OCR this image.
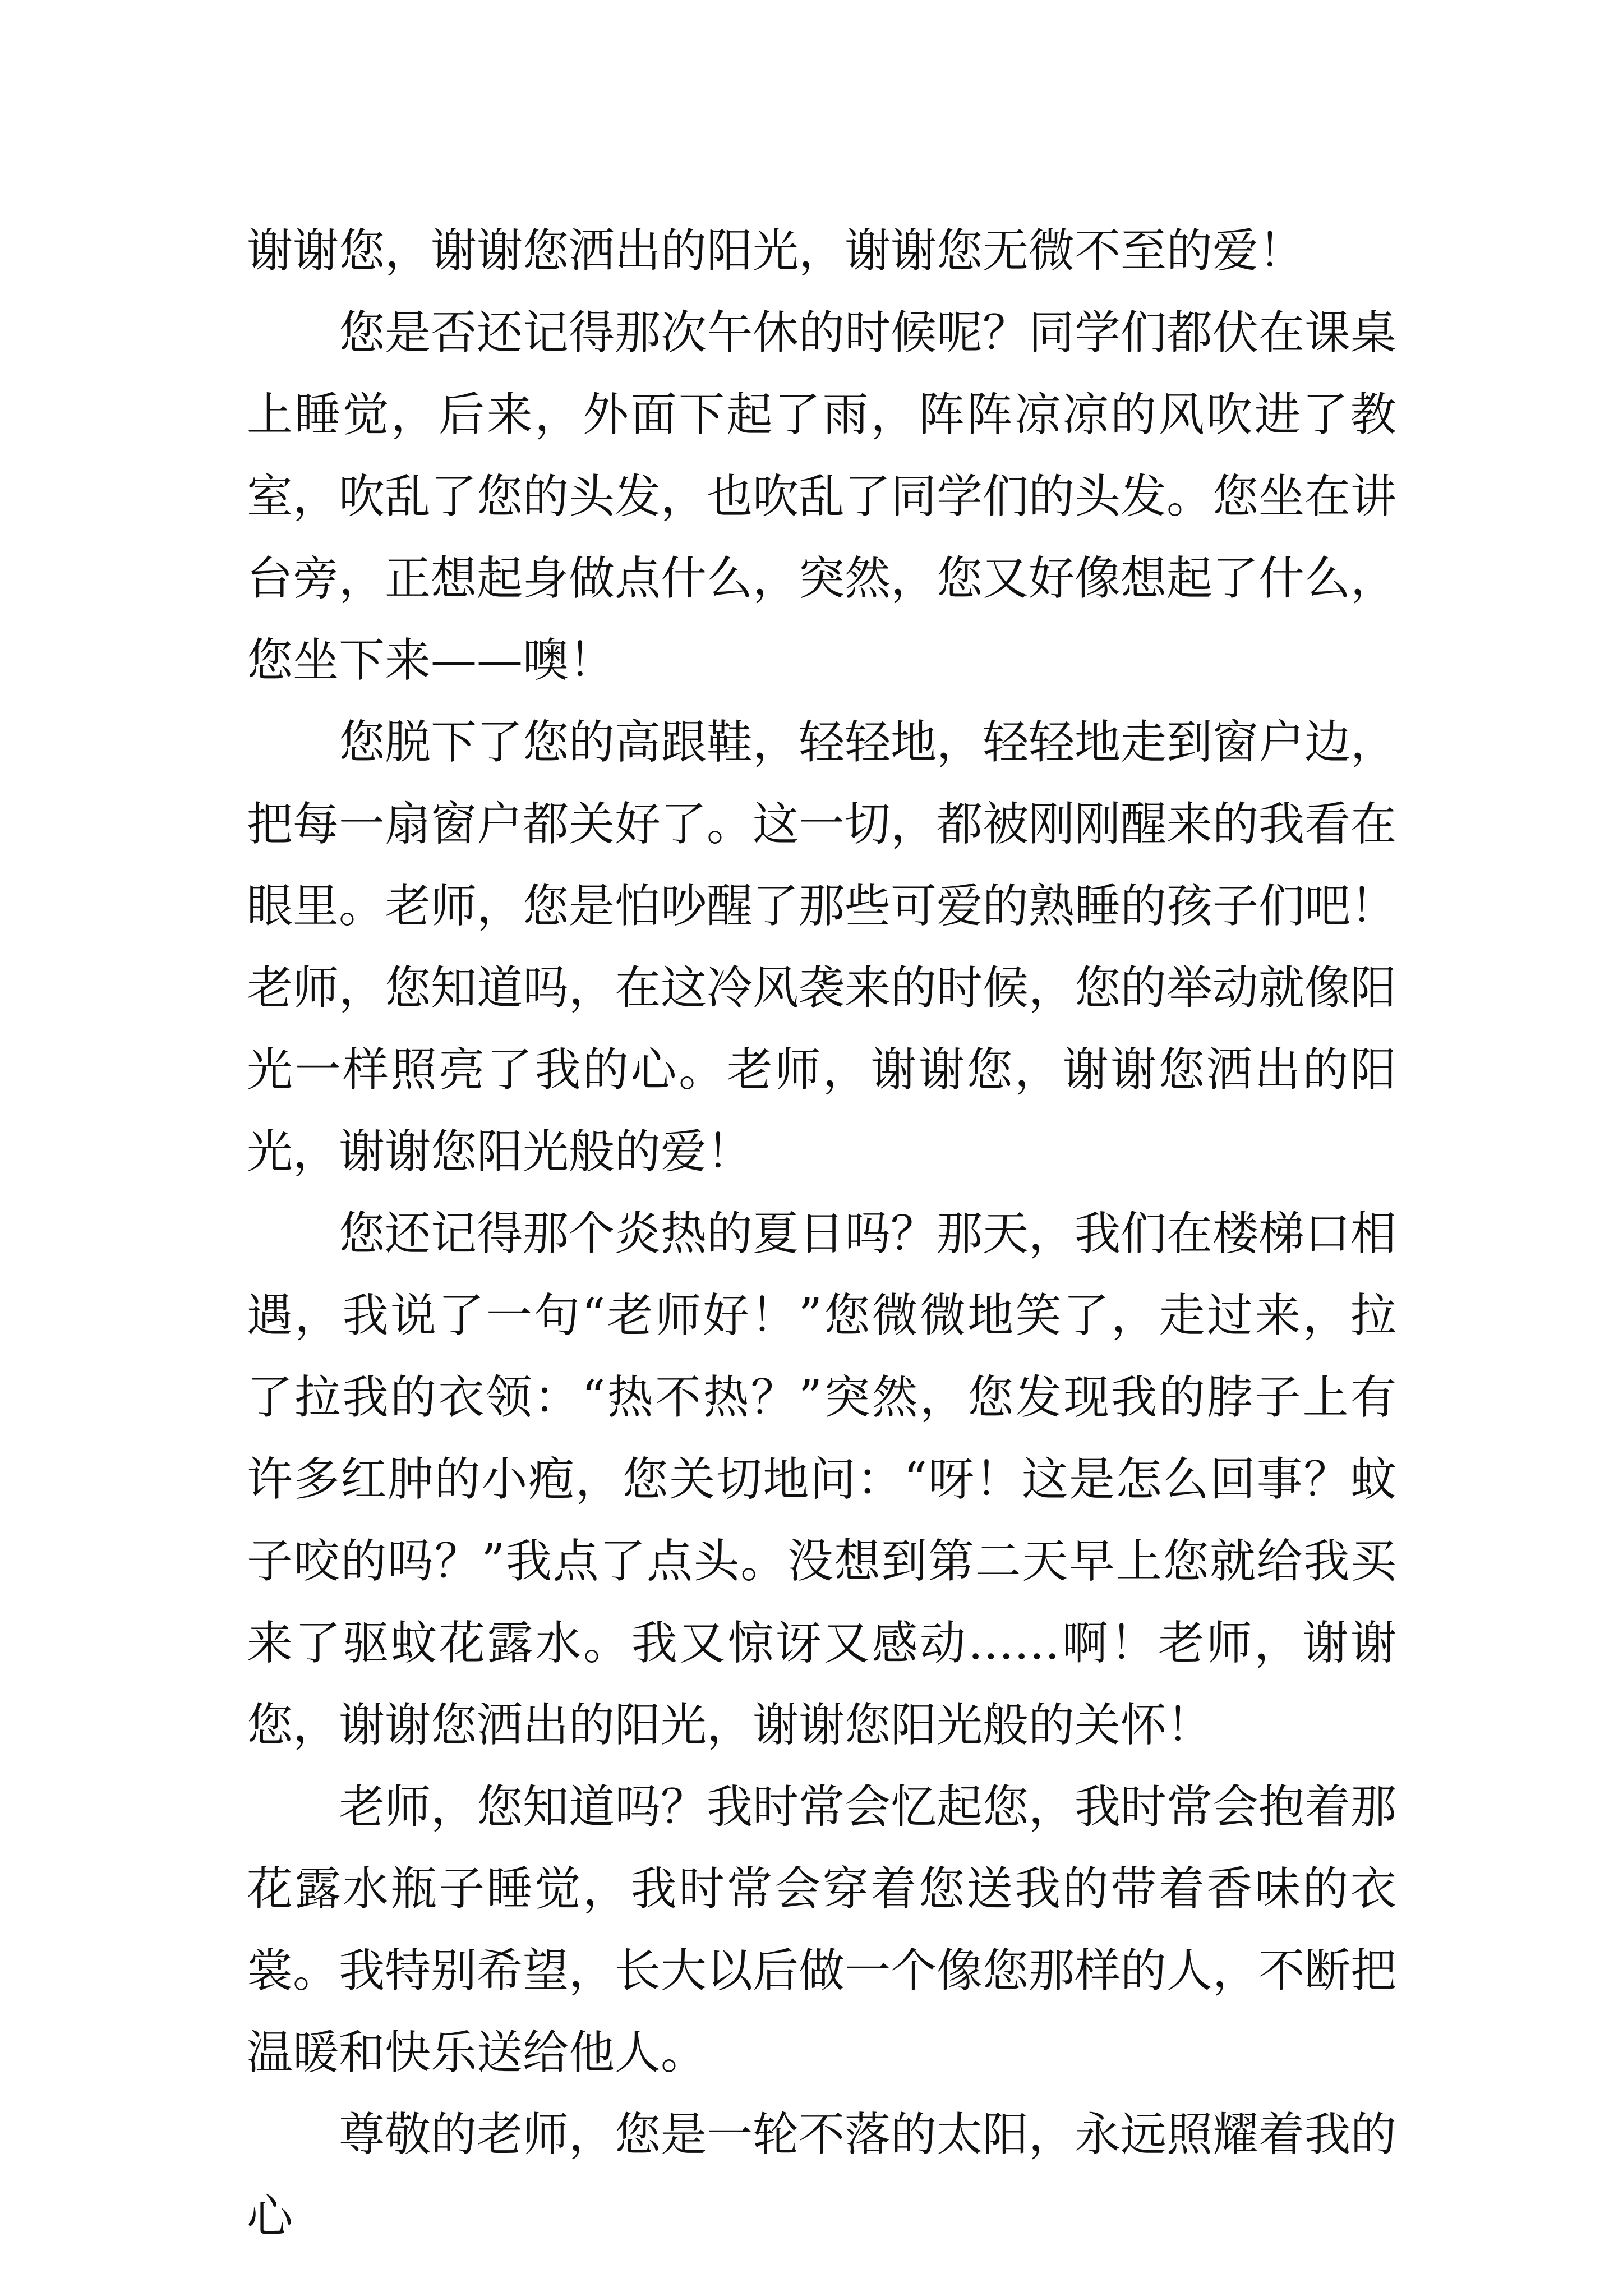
谢谢您，谢谢您洒出的阳光，谢谢您无微不至的爱！

您是否还记得那次午休的时候呢？同学们都伏在课桌上睡觉，后来，外面下起了雨，阵阵凉凉的风吹进了教室，吹乱了您的头发，也吹乱了同学们的头发。您坐在讲台旁，正想起身做点什么，突然，您又好像想起了什么，您坐下来——噢！

您脱下了您的高跟鞋，轻轻地，轻轻地走到窗户边，把每一扇窗户都关好了。这一切，都被刚刚醒来的我看在眼里。老师，您是怕吵醒了那些可爱的熟睡的孩子们吧！老师，您知道吗，在这冷风袭来的时候，您的举动就像阳光一样照亮了我的心。老师，谢谢您，谢谢您洒出的阳光，谢谢您阳光般的爱！

您还记得那个炎热的夏日吗？那天，我们在楼梯口相遇，我说了一句“老师好！”您微微地笑了，走过来，拉了拉我的衣领：“热不热？”突然，您发现我的脖子上有许多红肿的小疱，您关切地问：“呀！这是怎么回事？蚊子咬的吗？”我点了点头。没想到第二天早上您就给我买来了驱蚊花露水。我又惊讶又感动……啊！老师，谢谢您，谢谢您洒出的阳光，谢谢您阳光般的关怀！

老师，您知道吗？我时常会忆起您，我时常会抱着那花露水瓶子睡觉，我时常会穿着您送我的带着香味的衣裳。我特别希望，长大以后做一个像您那样的人，不断把温暖和快乐送给他人。

尊敬的老师，您是一轮不落的太阳，永远照耀着我的心
